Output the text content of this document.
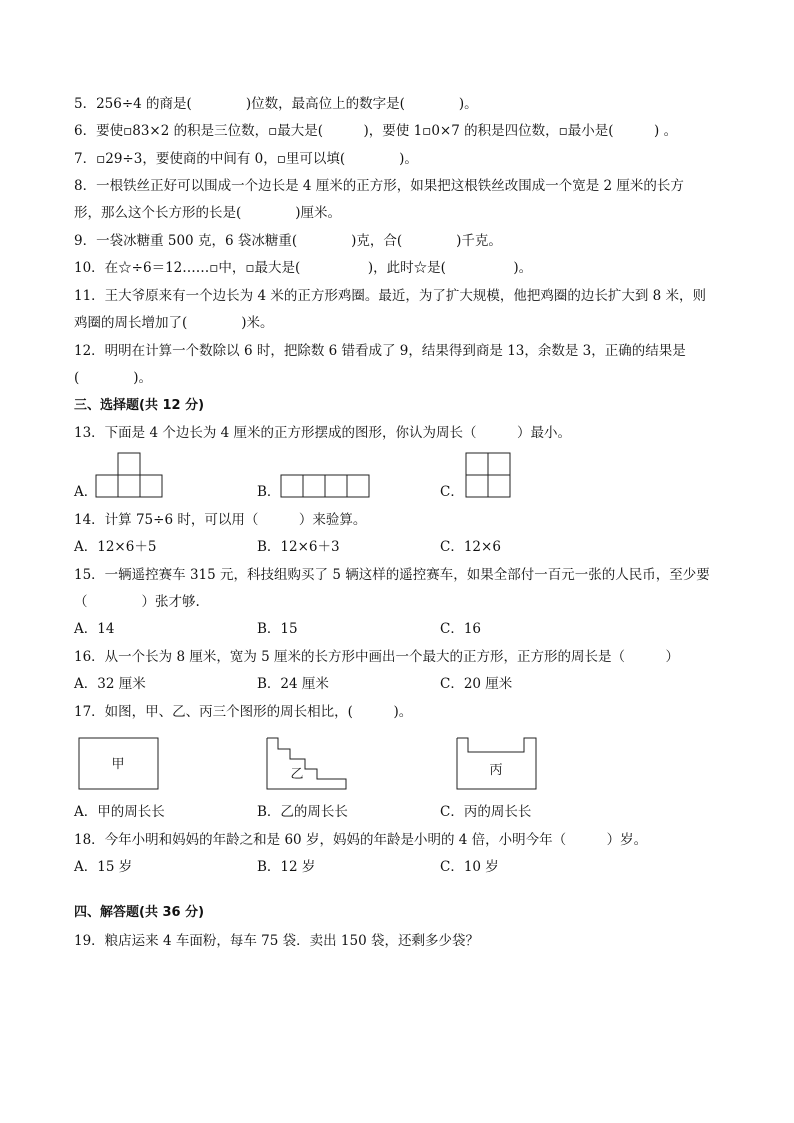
5．256÷4 的商是(　　　　)位数，最高位上的数字是(　　　　)。
6．要使▫83×2 的积是三位数，▫最大是(　　　)，要使 1▫0×7 的积是四位数，▫最小是(　　　) 。
7．▫29÷3，要使商的中间有 0，▫里可以填(　　　　)。
8．一根铁丝正好可以围成一个边长是 4 厘米的正方形，如果把这根铁丝改围成一个宽是 2 厘米的长方
形，那么这个长方形的长是(　　　　)厘米。
9．一袋冰糖重 500 克，6 袋冰糖重(　　　　)克，合(　　　　)千克。
10．在☆÷6＝12……▫中，▫最大是(　　　　　)，此时☆是(　　　　　)。
11．王大爷原来有一个边长为 4 米的正方形鸡圈。最近，为了扩大规模，他把鸡圈的边长扩大到 8 米，则
鸡圈的周长增加了(　　　　)米。
12．明明在计算一个数除以 6 时，把除数 6 错看成了 9，结果得到商是 13，余数是 3，正确的结果是
(　　　　)。
三、选择题(共 12 分)
13．下面是 4 个边长为 4 厘米的正方形摆成的图形，你认为周长（　　　）最小。
A．	B．	C．
14．计算 75÷6 时，可以用（　　　）来验算。
A．12×6＋5	B．12×6＋3	C．12×6
15．一辆遥控赛车 315 元，科技组购买了 5 辆这样的遥控赛车，如果全部付一百元一张的人民币，至少要
（　　　　）张才够.
A．14	B．15	C．16
16．从一个长为 8 厘米，宽为 5 厘米的长方形中画出一个最大的正方形，正方形的周长是（　　　）
A．32 厘米	B．24 厘米	C．20 厘米
17．如图，甲、乙、丙三个图形的周长相比，(　　　)。
甲
乙	丙
A．甲的周长长	B．乙的周长长	C．丙的周长长
18．今年小明和妈妈的年龄之和是 60 岁，妈妈的年龄是小明的 4 倍，小明今年（　　　）岁。
A．15 岁	B．12 岁	C．10 岁
四、解答题(共 36 分)
19．粮店运来 4 车面粉，每车 75 袋．卖出 150 袋，还剩多少袋？
